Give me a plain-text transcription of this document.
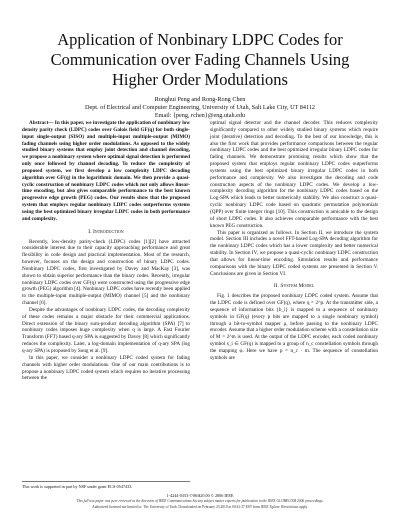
Application of Nonbinary LDPC Codes for Communication over Fading Channels Using Higher Order Modulations
Ronghui Peng and Rong-Rong Chen
Dept. of Electrical and Computer Engineering, University of Utah, Salt Lake City, UT 84112
Email: {peng, rchen}@eng.utah.edu

Abstract— In this paper, we investigate the application of nonbinary low density parity check (LDPC) codes over Galois field GF(q) for both single-input single-output (SISO) and multiple-input multiple-output (MIMO) fading channels using higher order modulations. As opposed to the widely studied binary systems that employ joint detection and channel decoding, we propose a nonbinary system where optimal signal detection is performed only once followed by channel decoding. To reduce the complexity of proposed system, we first develop a low complexity LDPC decoding algorithm over GF(q) in the logarithmic domain. We then provide a quasi-cyclic construction of nonbinary LDPC codes which not only allows linear-time encoding, but also gives comparable performance to the best known progressive edge growth (PEG) codes. Our results show that the proposed system that employs regular nonbinary LDPC codes outperforms systems using the best optimized binary irregular LDPC codes in both performance and complexity.

I. Introduction

Recently, low-density parity-check (LDPC) codes [1][2] have attracted considerable interest due to their capacity approaching performance and great flexibility in code design and practical implementation. Most of the research, however, focuses on the design and construction of binary LDPC codes. Nonbinary LDPC codes, first investigated by Davey and MacKay [3], was shown to obtain superior performance than the binary codes. Recently, irregular nonbinary LDPC codes over GF(q) were constructed using the progressive edge growth (PEG) algorithm [4]. Nonbinary LDPC codes have recently been applied to the multiple-input multiple-output (MIMO) channel [5] and the nonbinary channel [6].

Despite the advantages of nonbinary LDPC codes, the decoding complexity of these codes remains a major obstacle for their commercial applications. Direct extension of the binary sum-product decoding algorithm (SPA) [7] to nonbinary codes imposes huge complexity when q is large. A Fast Fourier Transform (FFT) based q-ary SPA is suggested by Davey [8] which significantly reduces the complexity. Later, a log-domain implementation of q-ary SPA (log q-ary SPA) is proposed by Song et al. [9].

In this paper, we consider a nonbinary LDPC coded system for fading channels with higher order modulations. One of our main contributions is to propose a nonbinary LDPC coded system which requires no iterative processing between the

optimal signal detector and the channel decoder. This reduces complexity significantly compared to other widely studied binary systems which require joint (iterative) detection and decoding. To the best of our knowledge, this is also the first work that provides performance comparisons between the regular nonbinary LDPC codes and the best optimized irregular binary LDPC codes for fading channels. We demonstrate promising results which show that the proposed system that employs regular nonbinary LDPC codes outperforms systems using the best optimized binary irregular LDPC codes in both performance and complexity. We also investigate the decoding and code construction aspects of the nonbinary LDPC codes. We develop a low-complexity decoding algorithm for the nonbinary LDPC codes based on the Log-SPA which leads to better numerically stability. We also construct a quasi-cyclic nonbinary LDPC code based on quadratic permutation polynomials (QPP) over finite integer rings [10]. This construction is amicable to the design of short LDPC codes. It also achieves comparable performance with the best known PEG construction.

This paper is organized as follows. In Section II, we introduce the system model. Section III includes a novel FFT-based Log-SPA decoding algorithm for the nonbinary LDPC codes which has a lower complexity and better numerical stability. In Section IV, we propose a quasi-cyclic nonbinary LDPC construction that allows for linear-time encoding. Simulation results and performance comparisons with the binary LDPC coded systems are presented in Section V. Conclusions are given in Section VI.

II. System Model

Fig. 1 describes the proposed nonbinary LDPC coded system. Assume that the LDPC code is defined over GF(q), where q = 2^p. At the transmitter side, a sequence of information bits {b_i} is mapped to a sequence of nonbinary symbols in GF(q) (every p bits are mapped to a single nonbinary symbol) through a bit-to-symbol mapper μ, before passing to the nonbinary LDPC encoder. Assume that a higher order modulation scheme with a constellation size of M = 2^m is used. At the output of the LDPC encoder, each coded nonbinary symbol s_i ∈ GF(q) is mapped to a group of n_c constellation symbols through the mapping φ. Here we have p = n_c · m. The sequence of constellation symbols are

This work is supported in part by NSF under grant ECS-0547433.
1-4244-0353-7/06/$20.00 © 2006 IEEE
This full text paper was peer reviewed at the direction of IEEE Communications Society subject matter experts for publication in the IEEE GLOBECOM 2006 proceedings.
Authorized licensed use limited to: The University of Utah. Downloaded on February 23,2010 at 00:41:37 EST from IEEE Xplore. Restrictions apply.
